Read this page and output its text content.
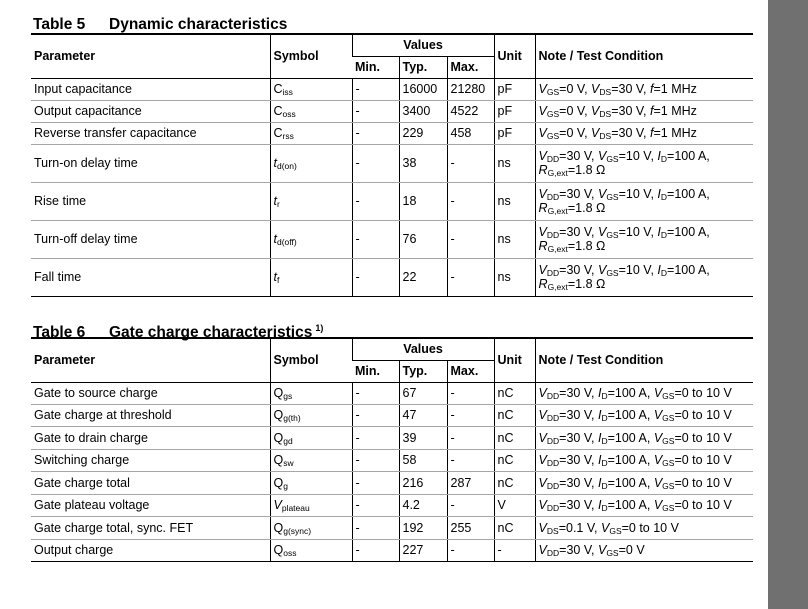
Table 5 Dynamic characteristics
Parameter	Symbol	Values			Unit	Note / Test Condition
		Min.	Typ.	Max.		
Input capacitance	$C_{iss}$	-	16000	21280	pF	$V_{GS}=0$ V, $V_{DS}=30$ V, f=1 MHz
Output capacitance	$C_{oss}$	-	3400	4522	pF	$V_{GS}=0$ V, $V_{DS}=30$ V, f=1 MHz
Reverse transfer capacitance	$C_{rss}$	-	229	458	pF	$V_{GS}=0$ V, $V_{DS}=30$ V, f=1 MHz
Turn-on delay time	$t_{d(on)}$	-	38	-	ns	$V_{DD}=30$ V, $V_{GS}=10$ V, $I_D=100$ A,
$R_{G,ext}=1.8$ Ω
Rise time	$t_r$	-	18	-	ns	$V_{DD}=30$ V, $V_{GS}=10$ V, $I_D=100$ A,
$R_{G,ext}=1.8$ Ω
Turn-off delay time	$t_{d(off)}$	-	76	-	ns	$V_{DD}=30$ V, $V_{GS}=10$ V, $I_D=100$ A,
$R_{G,ext}=1.8$ Ω
Fall time	$t_f$	-	22	-	ns	$V_{DD}=30$ V, $V_{GS}=10$ V, $I_D=100$ A,
$R_{G,ext}=1.8$ Ω
Table 6 Gate charge characteristics $^{1)}$
Parameter	Symbol	Values			Unit	Note / Test Condition
		Min.	Typ.	Max.		
Gate to source charge	$Q_{gs}$	-	67	-	nC	$V_{DD}=30$ V, $I_D=100$ A, $V_{GS}=0$ to 10 V
Gate charge at threshold	$Q_{g(th)}$	-	47	-	nC	$V_{DD}=30$ V, $I_D=100$ A, $V_{GS}=0$ to 10 V
Gate to drain charge	$Q_{gd}$	-	39	-	nC	$V_{DD}=30$ V, $I_D=100$ A, $V_{GS}=0$ to 10 V
Switching charge	$Q_{sw}$	-	58	-	nC	$V_{DD}=30$ V, $I_D=100$ A, $V_{GS}=0$ to 10 V
Gate charge total	$Q_g$	-	216	287	nC	$V_{DD}=30$ V, $I_D=100$ A, $V_{GS}=0$ to 10 V
Gate plateau voltage	$V_{plateau}$	-	4.2	-	V	$V_{DD}=30$ V, $I_D=100$ A, $V_{GS}=0$ to 10 V
Gate charge total, sync. FET	$Q_{g(sync)}$	-	192	255	nC	$V_{DS}=0.1$ V, $V_{GS}=0$ to 10 V
Output charge	$Q_{oss}$	-	227	-	-	$V_{DD}=30$ V, $V_{GS}=0$ V
